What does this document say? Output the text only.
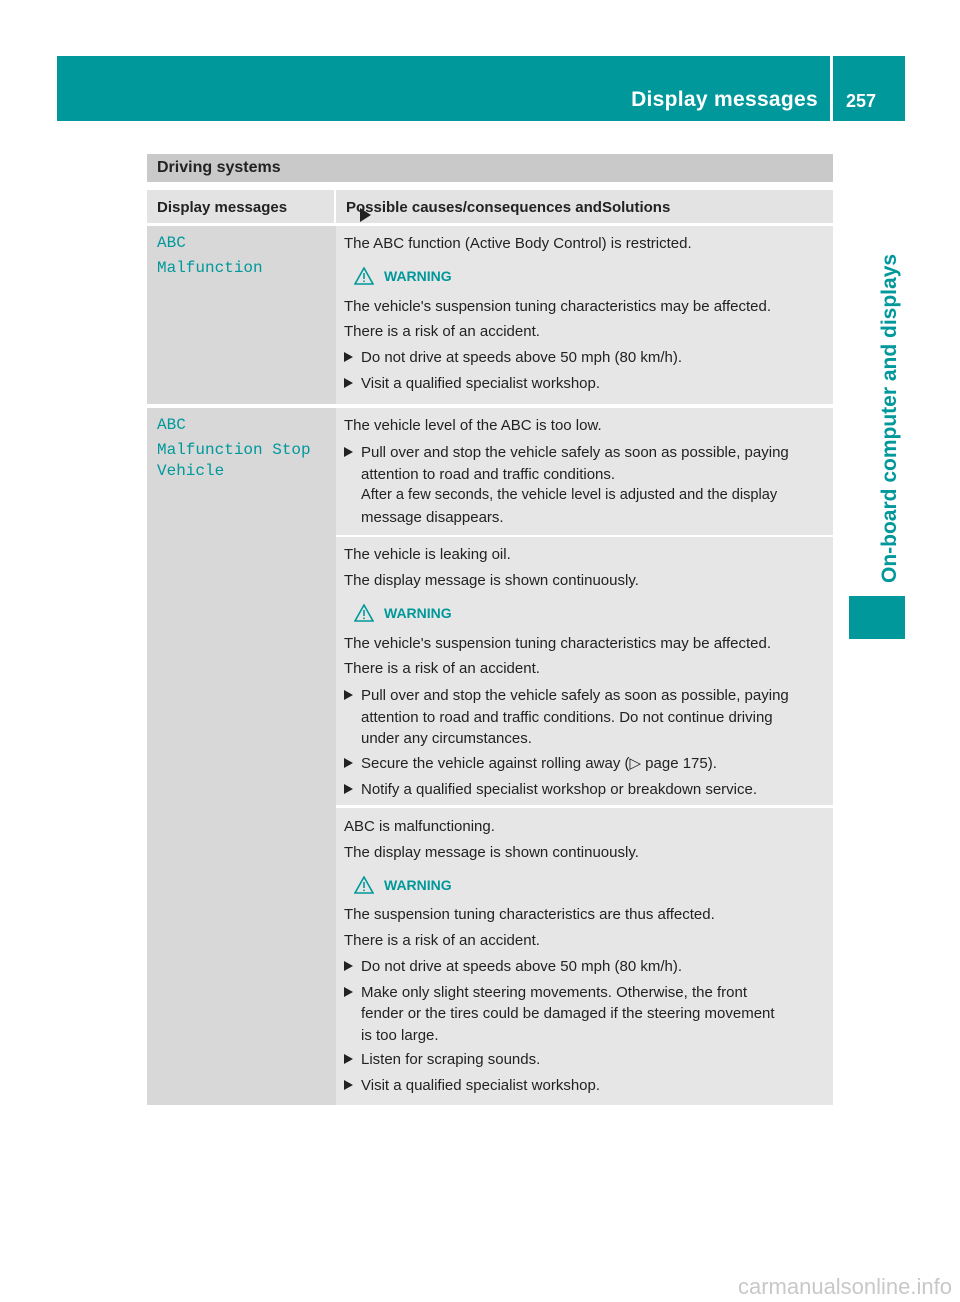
Display messages 257
On-board computer and displays
Driving systems
Display messages	Possible causes/consequences and
Solutions
ABC
Malfunction
The ABC function (Active Body Control) is restricted.
WARNING
The vehicle's suspension tuning characteristics may be affected.
There is a risk of an accident.
Do not drive at speeds above 50 mph (80 km/h).
Visit a qualified specialist workshop.
ABC
Malfunction Stop
Vehicle
The vehicle level of the ABC is too low.
Pull over and stop the vehicle safely as soon as possible, paying
attention to road and traffic conditions.
After a few seconds, the vehicle level is adjusted and the display
message disappears.
The vehicle is leaking oil.
The display message is shown continuously.
WARNING
The vehicle's suspension tuning characteristics may be affected.
There is a risk of an accident.
Pull over and stop the vehicle safely as soon as possible, paying
attention to road and traffic conditions. Do not continue driving
under any circumstances.
Secure the vehicle against rolling away (▷ page 175).
Notify a qualified specialist workshop or breakdown service.
ABC is malfunctioning.
The display message is shown continuously.
WARNING
The suspension tuning characteristics are thus affected.
There is a risk of an accident.
Do not drive at speeds above 50 mph (80 km/h).
Make only slight steering movements. Otherwise, the front
fender or the tires could be damaged if the steering movement
is too large.
Listen for scraping sounds.
Visit a qualified specialist workshop.
carmanualsonline.info
